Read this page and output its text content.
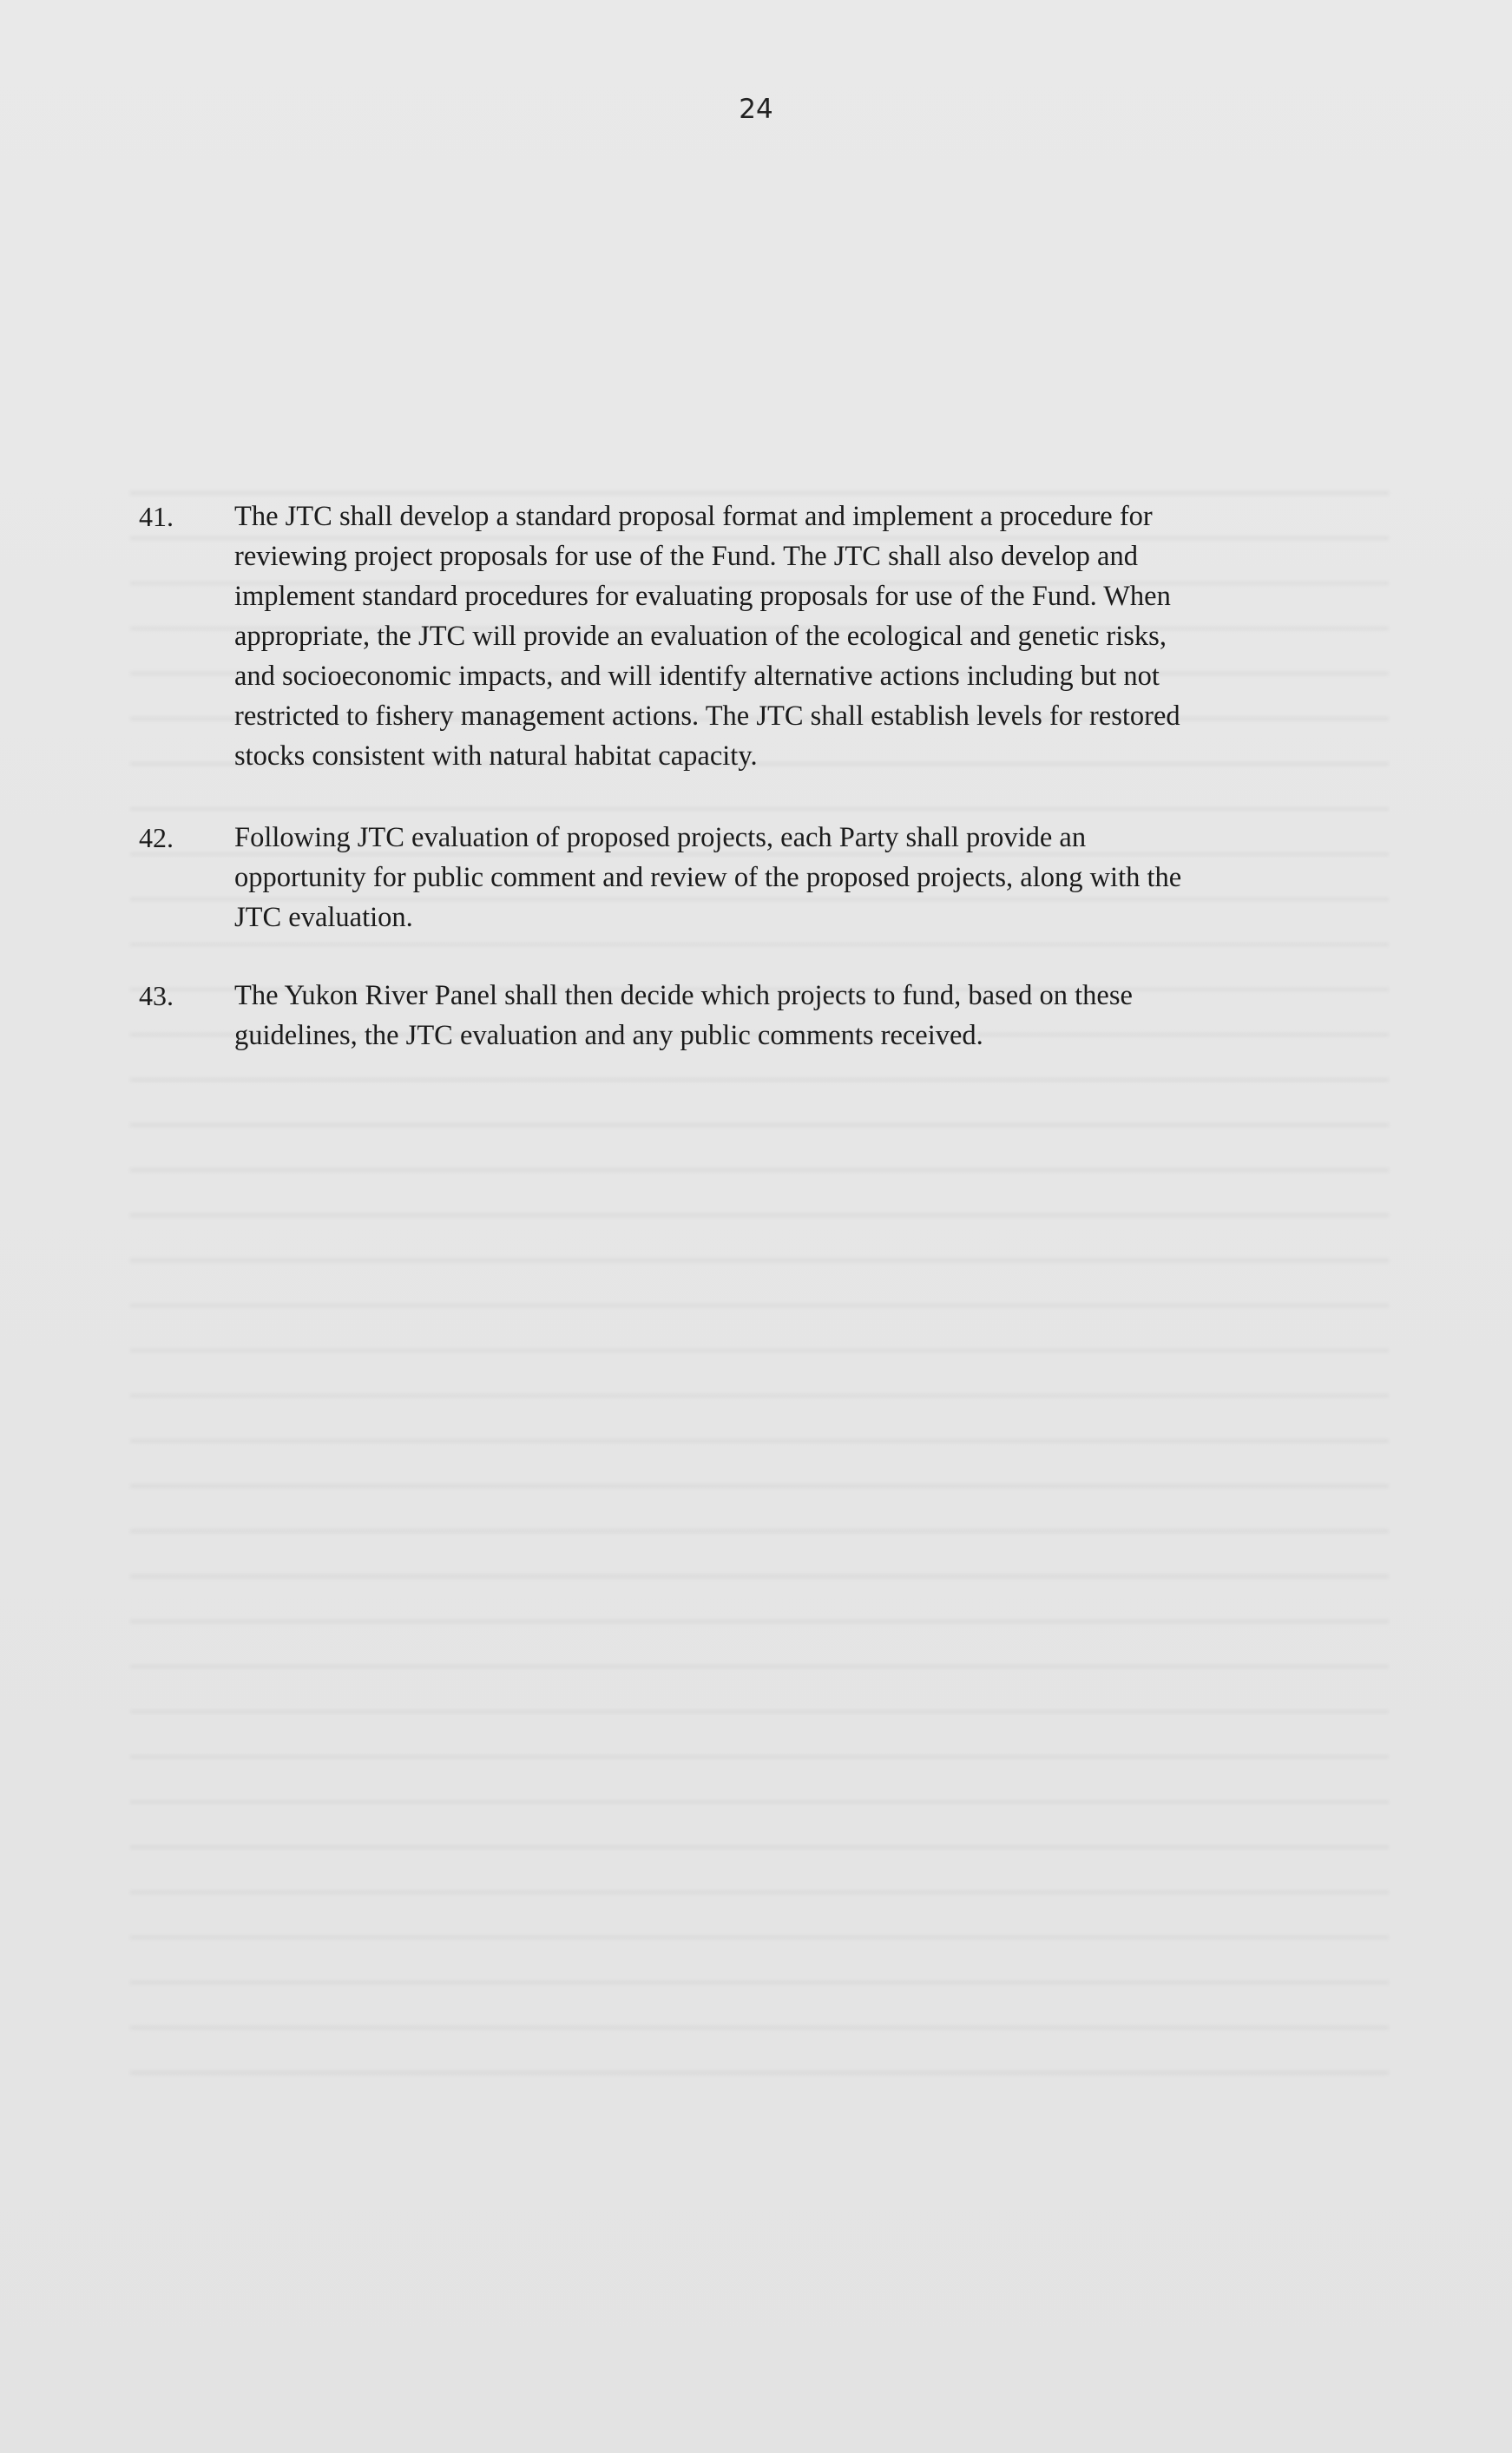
24

41. The JTC shall develop a standard proposal format and implement a procedure for
reviewing project proposals for use of the Fund. The JTC shall also develop and
implement standard procedures for evaluating proposals for use of the Fund. When
appropriate, the JTC will provide an evaluation of the ecological and genetic risks,
and socioeconomic impacts, and will identify alternative actions including but not
restricted to fishery management actions. The JTC shall establish levels for restored
stocks consistent with natural habitat capacity.

42. Following JTC evaluation of proposed projects, each Party shall provide an
opportunity for public comment and review of the proposed projects, along with the
JTC evaluation.

43. The Yukon River Panel shall then decide which projects to fund, based on these
guidelines, the JTC evaluation and any public comments received.
